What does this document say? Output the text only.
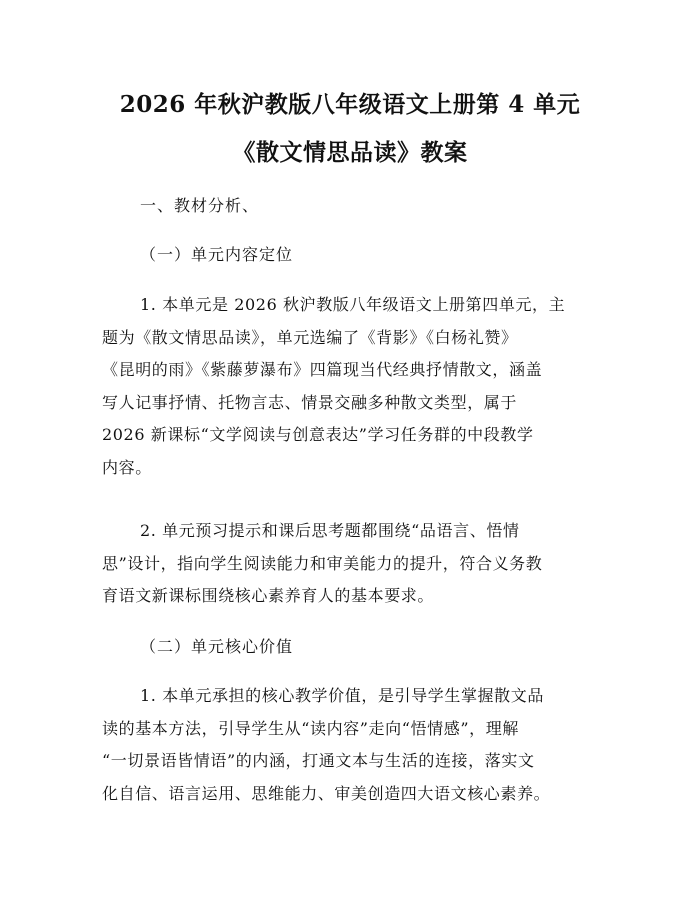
2026 年秋沪教版八年级语文上册第 4 单元
《散文情思品读》教案
一、教材分析、
（一）单元内容定位
1. 本单元是 2026 秋沪教版八年级语文上册第四单元，主
题为《散文情思品读》，单元选编了《背影》《白杨礼赞》
《昆明的雨》《紫藤萝瀑布》四篇现当代经典抒情散文，涵盖
写人记事抒情、托物言志、情景交融多种散文类型，属于
2026 新课标“文学阅读与创意表达”学习任务群的中段教学
内容。
2. 单元预习提示和课后思考题都围绕“品语言、悟情
思”设计，指向学生阅读能力和审美能力的提升，符合义务教
育语文新课标围绕核心素养育人的基本要求。
（二）单元核心价值
1. 本单元承担的核心教学价值，是引导学生掌握散文品
读的基本方法，引导学生从“读内容”走向“悟情感”，理解
“一切景语皆情语”的内涵，打通文本与生活的连接，落实文
化自信、语言运用、思维能力、审美创造四大语文核心素养。
